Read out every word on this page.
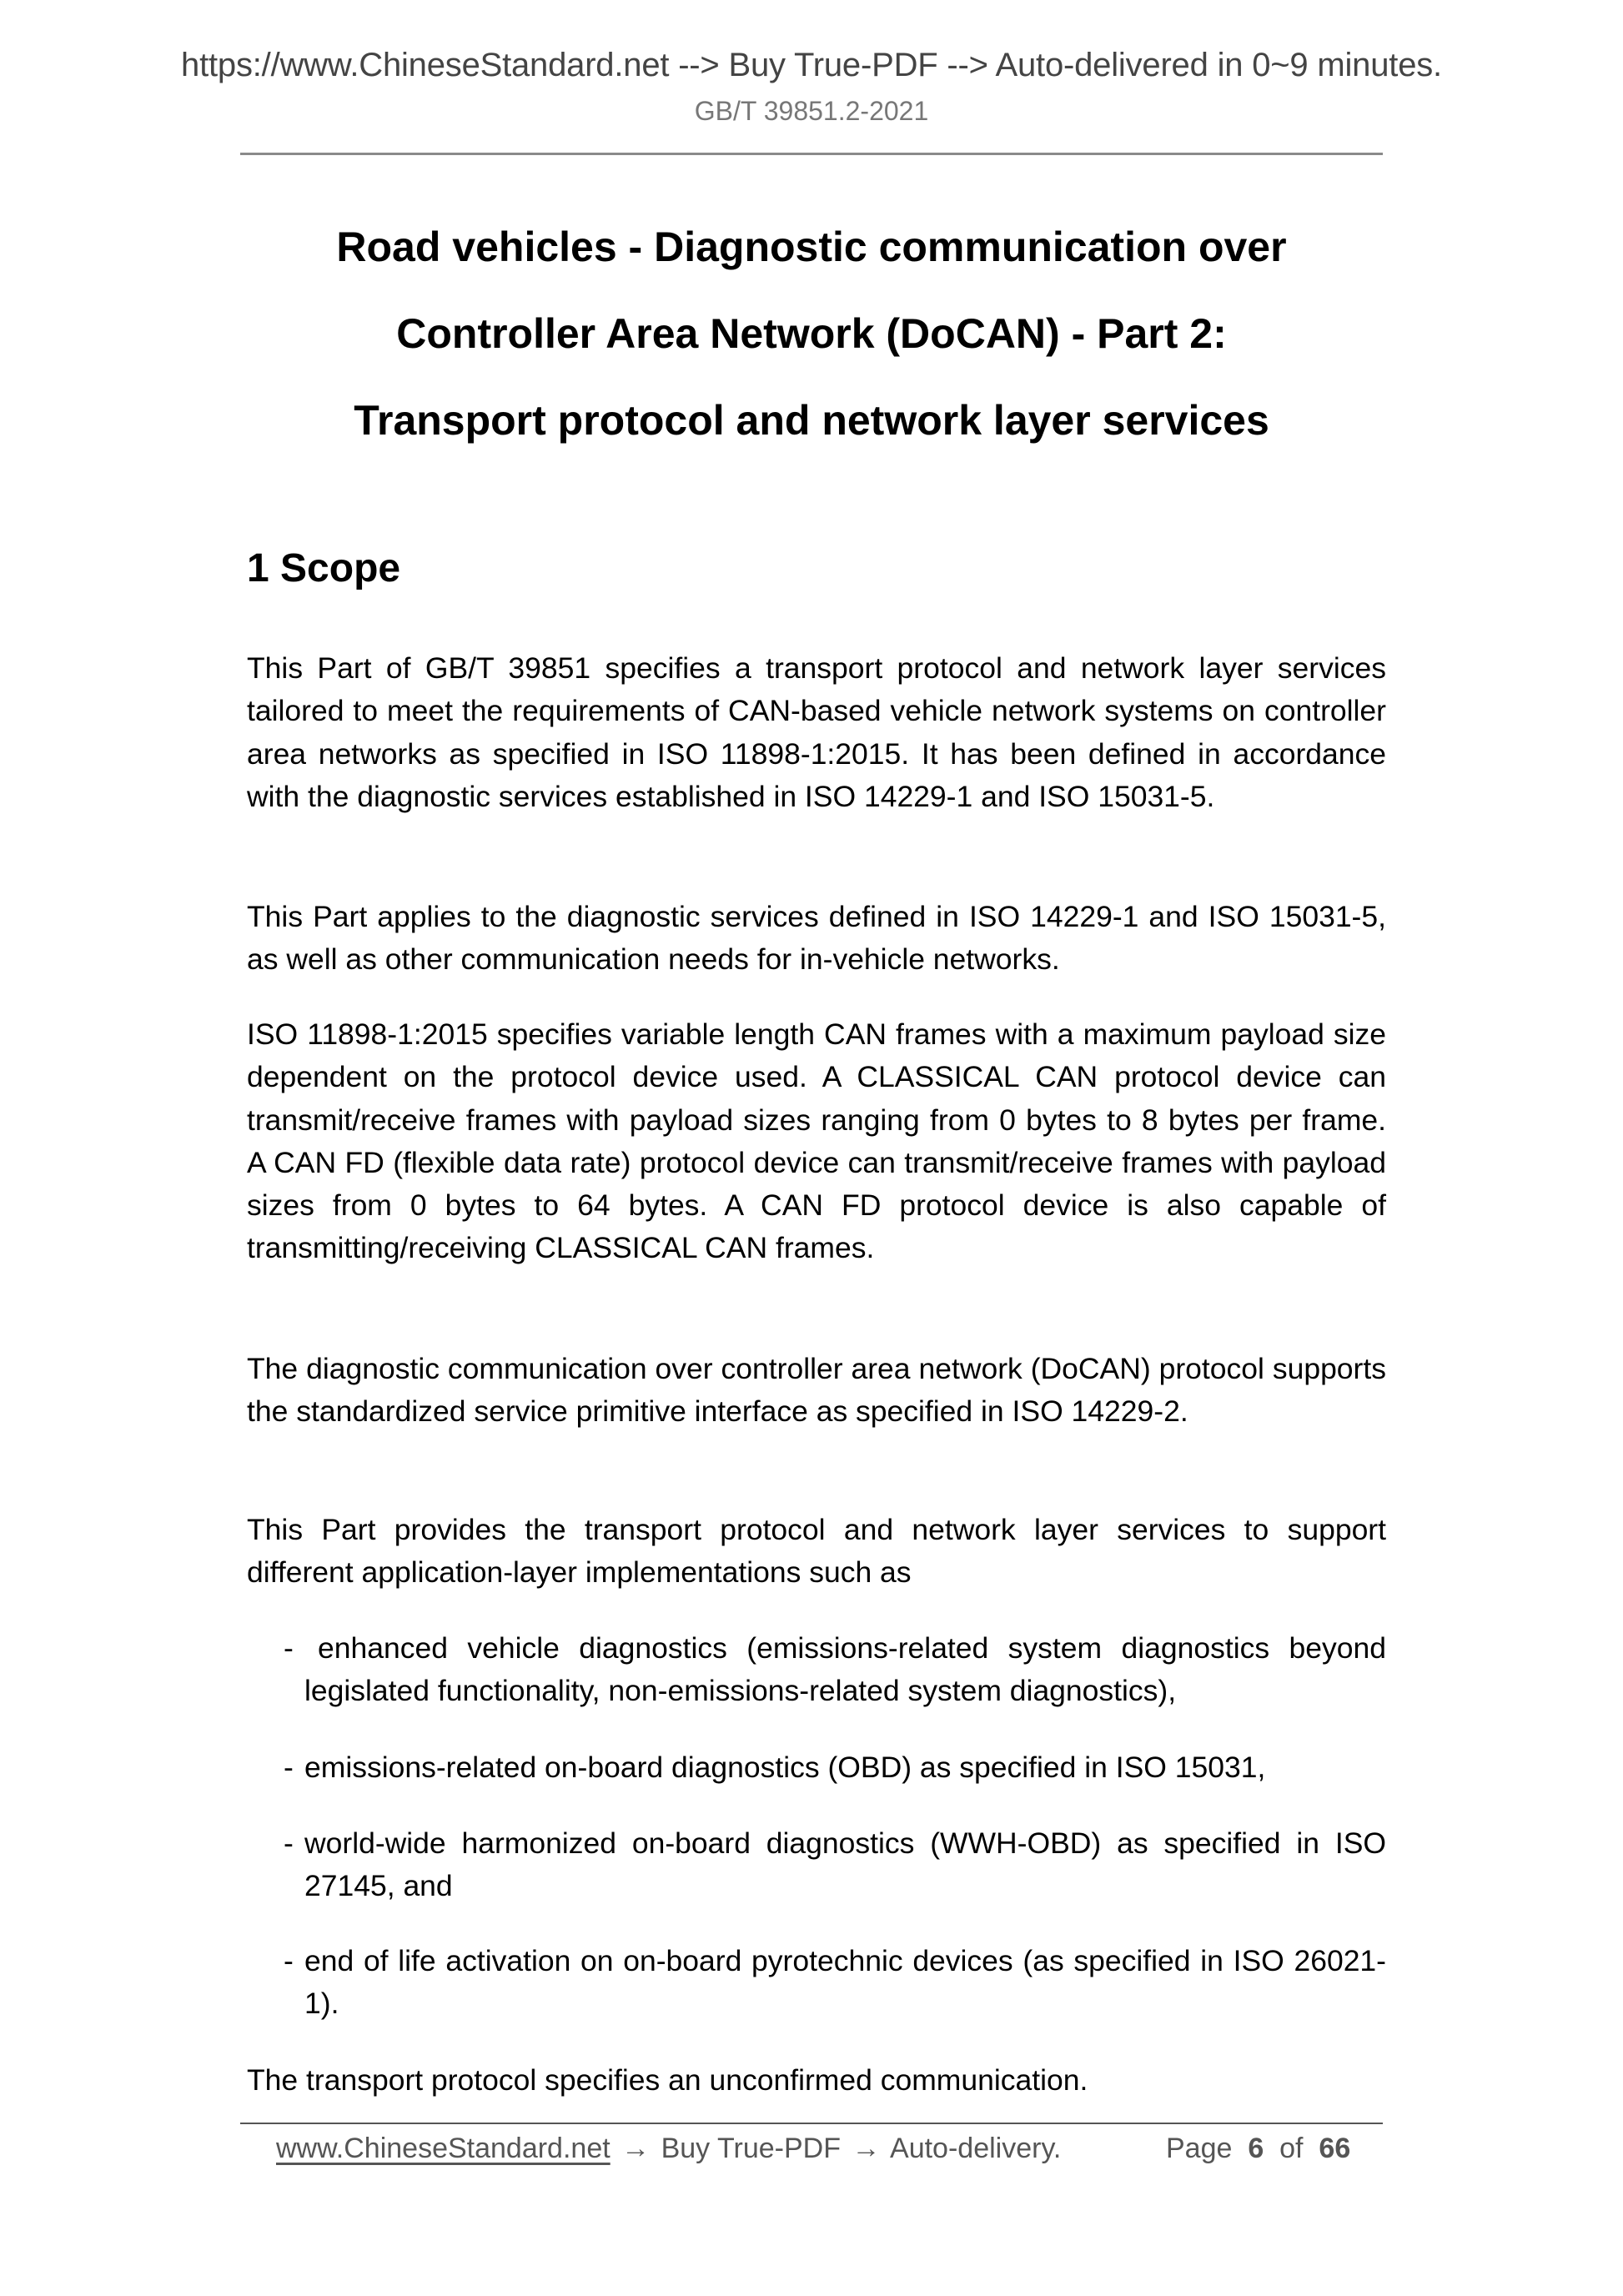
https://www.ChineseStandard.net --> Buy True-PDF --> Auto-delivered in 0~9 minutes.
GB/T 39851.2-2021
Road vehicles - Diagnostic communication over
Controller Area Network (DoCAN) - Part 2:
Transport protocol and network layer services
1 Scope
This Part of GB/T 39851 specifies a transport protocol and network layer services tailored to meet the requirements of CAN-based vehicle network systems on controller area networks as specified in ISO 11898-1:2015. It has been defined in accordance with the diagnostic services established in ISO 14229-1 and ISO 15031-5.
This Part applies to the diagnostic services defined in ISO 14229-1 and ISO 15031-5, as well as other communication needs for in-vehicle networks.
ISO 11898-1:2015 specifies variable length CAN frames with a maximum payload size dependent on the protocol device used. A CLASSICAL CAN protocol device can transmit/receive frames with payload sizes ranging from 0 bytes to 8 bytes per frame. A CAN FD (flexible data rate) protocol device can transmit/receive frames with payload sizes from 0 bytes to 64 bytes. A CAN FD protocol device is also capable of transmitting/receiving CLASSICAL CAN frames.
The diagnostic communication over controller area network (DoCAN) protocol supports the standardized service primitive interface as specified in ISO 14229-2.
This Part provides the transport protocol and network layer services to support different application-layer implementations such as
- enhanced vehicle diagnostics (emissions-related system diagnostics beyond legislated functionality, non-emissions-related system diagnostics),
- emissions-related on-board diagnostics (OBD) as specified in ISO 15031,
- world-wide harmonized on-board diagnostics (WWH-OBD) as specified in ISO 27145, and
- end of life activation on on-board pyrotechnic devices (as specified in ISO 26021-1).
The transport protocol specifies an unconfirmed communication.
www.ChineseStandard.net → Buy True-PDF → Auto-delivery.	Page 6 of 66
